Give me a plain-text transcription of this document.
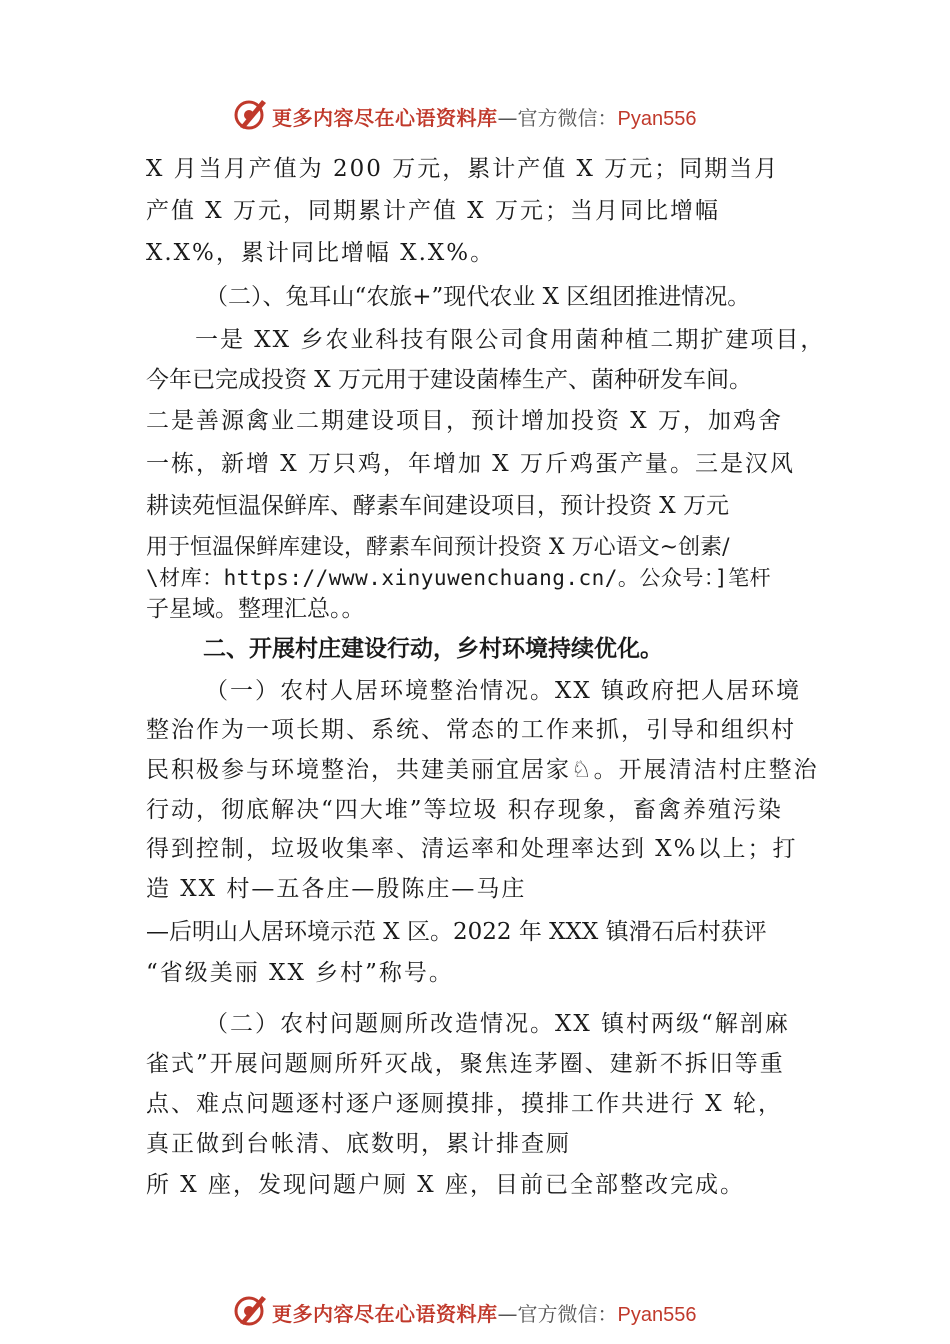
更多内容尽在心语资料库—官方微信：Pyan556
X 月当月产值为 200 万元，累计产值 X 万元；同期当月
产值 X 万元，同期累计产值 X 万元；当月同比增幅
X.X%，累计同比增幅 X.X%。
（二）、兔耳山“农旅+”现代农业 X 区组团推进情况。
一是 XX 乡农业科技有限公司食用菌种植二期扩建项目，
今年已完成投资 X 万元用于建设菌棒生产、菌种研发车间。
二是善源禽业二期建设项目，预计增加投资 X 万，加鸡舍
一栋，新增 X 万只鸡，年增加 X 万斤鸡蛋产量。三是汉风
耕读苑恒温保鲜库、酵素车间建设项目，预计投资 X 万元
用于恒温保鲜库建设，酵素车间预计投资 X 万心语文~创素/
\材库：https://www.xinyuwenchuang.cn/。公众号：]笔杆
子星域。整理汇总。。
二、开展村庄建设行动，乡村环境持续优化。
（一）农村人居环境整治情况。XX 镇政府把人居环境
整治作为一项长期、系统、常态的工作来抓，引导和组织村
民积极参与环境整治，共建美丽宜居家♘。开展清洁村庄整治
行动，彻底解决“四大堆”等垃圾 积存现象，畜禽养殖污染
得到控制，垃圾收集率、清运率和处理率达到 X%以上；打
造 XX 村—五各庄—殷陈庄—马庄
—后明山人居环境示范 X 区。2022 年 XXX 镇滑石后村获评
“省级美丽 XX 乡村”称号。
（二）农村问题厕所改造情况。XX 镇村两级“解剖麻
雀式”开展问题厕所歼灭战，聚焦连茅圈、建新不拆旧等重
点、难点问题逐村逐户逐厕摸排，摸排工作共进行 X 轮，
真正做到台帐清、底数明，累计排查厕
所 X 座，发现问题户厕 X 座，目前已全部整改完成。
更多内容尽在心语资料库—官方微信：Pyan556
